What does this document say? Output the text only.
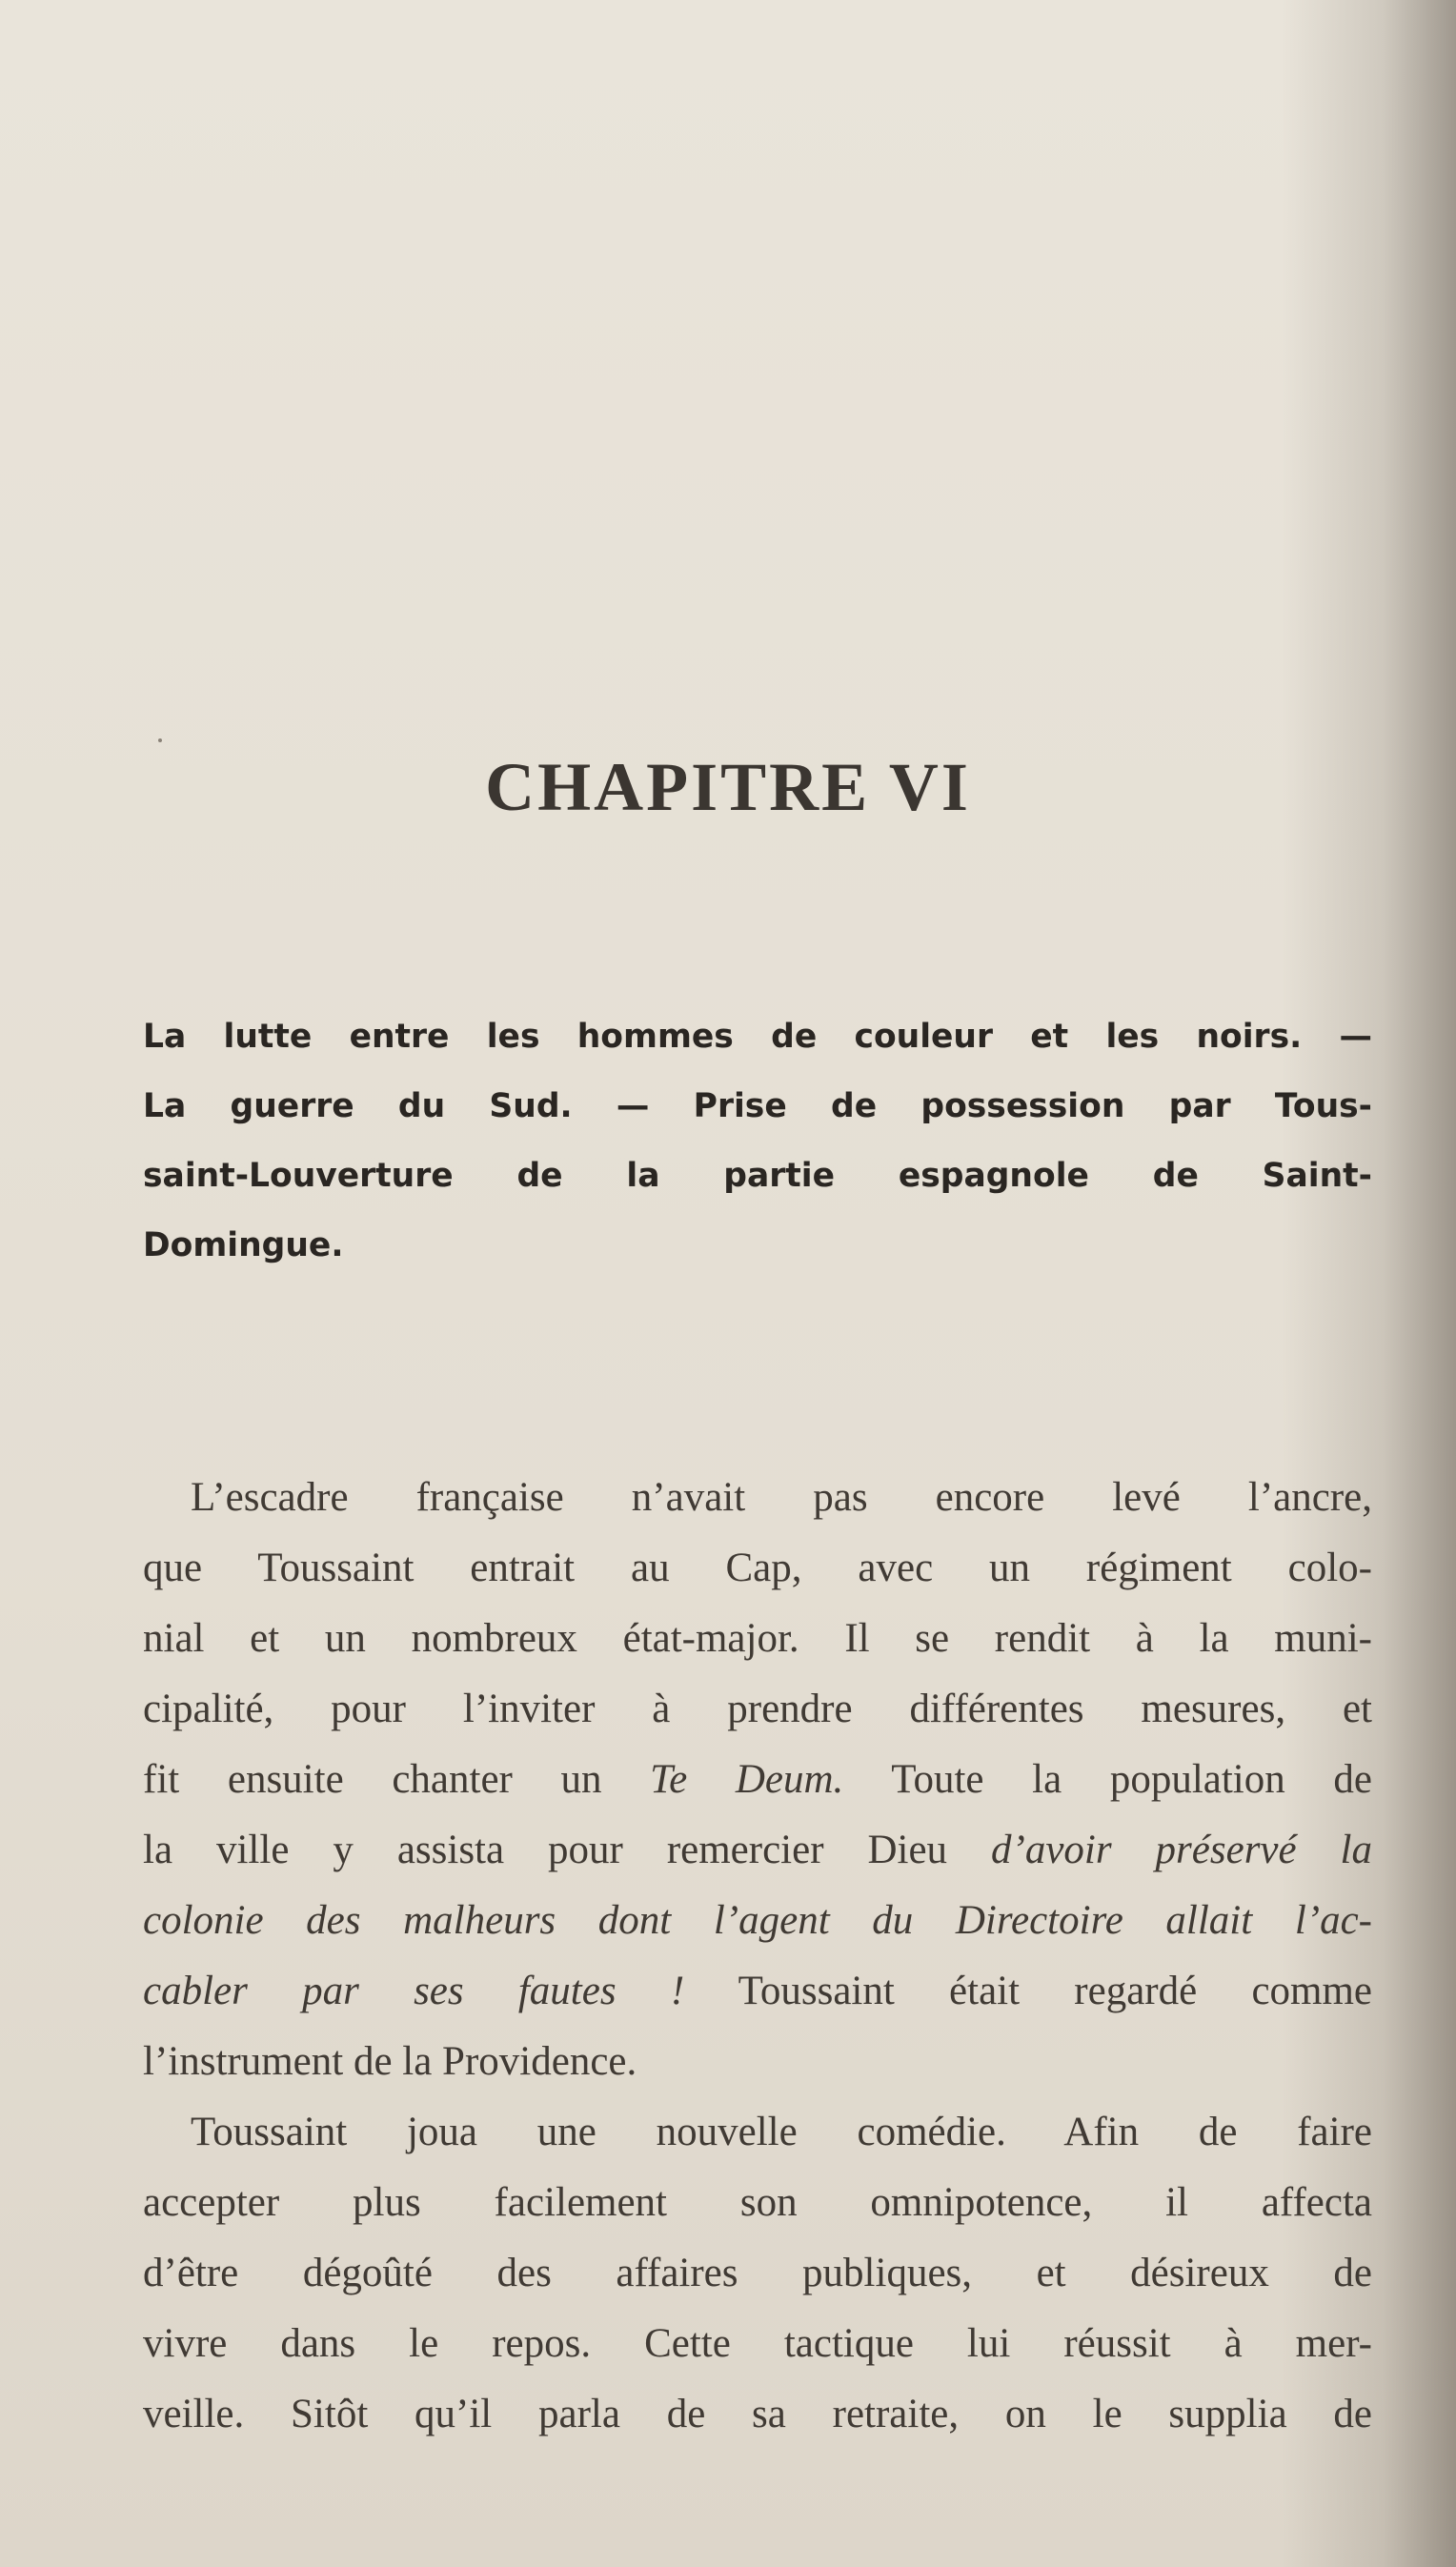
CHAPITRE VI
La lutte entre les hommes de couleur et les noirs. —
La guerre du Sud. — Prise de possession par Tous-
saint-Louverture de la partie espagnole de Saint-
Domingue.
L’escadre française n’avait pas encore levé l’ancre,
que Toussaint entrait au Cap, avec un régiment colo-
nial et un nombreux état-major. Il se rendit à la muni-
cipalité, pour l’inviter à prendre différentes mesures, et
fit ensuite chanter un Te Deum. Toute la population de
la ville y assista pour remercier Dieu d’avoir préservé la
colonie des malheurs dont l’agent du Directoire allait l’ac-
cabler par ses fautes ! Toussaint était regardé comme
l’instrument de la Providence.
Toussaint joua une nouvelle comédie. Afin de faire
accepter plus facilement son omnipotence, il affecta
d’être dégoûté des affaires publiques, et désireux de
vivre dans le repos. Cette tactique lui réussit à mer-
veille. Sitôt qu’il parla de sa retraite, on le supplia de
